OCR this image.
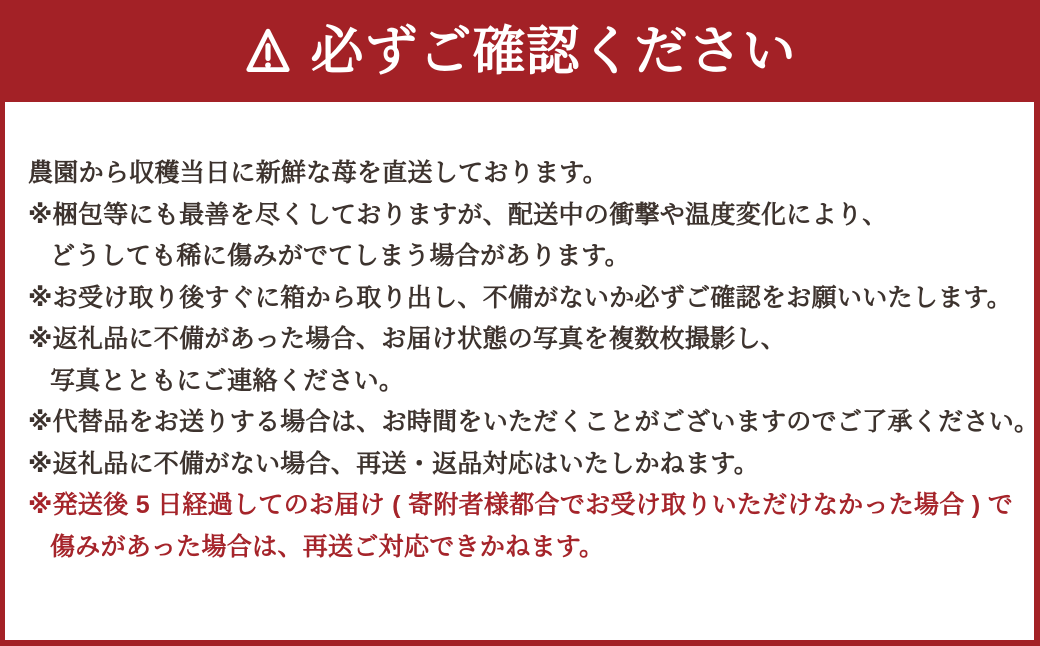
必ずご確認ください
農園から収穫当日に新鮮な苺を直送しております。
※梱包等にも最善を尽くしておりますが、配送中の衝撃や温度変化により、
どうしても稀に傷みがでてしまう場合があります。
※お受け取り後すぐに箱から取り出し、不備がないか必ずご確認をお願いいたします。
※返礼品に不備があった場合、お届け状態の写真を複数枚撮影し、
写真とともにご連絡ください。
※代替品をお送りする場合は、お時間をいただくことがございますのでご了承ください。
※返礼品に不備がない場合、再送・返品対応はいたしかねます。
※発送後 5 日経過してのお届け ( 寄附者様都合でお受け取りいただけなかった場合 ) で
傷みがあった場合は、再送ご対応できかねます。
